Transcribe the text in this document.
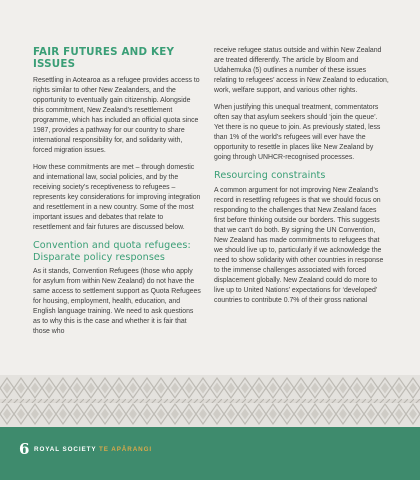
FAIR FUTURES AND KEY ISSUES

Resettling in Aotearoa as a refugee provides access to rights similar to other New Zealanders, and the opportunity to eventually gain citizenship. Alongside this commitment, New Zealand’s resettlement programme, which has included an official quota since 1987, provides a pathway for our country to share international responsibility for, and solidarity with, forced migration issues.

How these commitments are met – through domestic and international law, social policies, and by the receiving society’s receptiveness to refugees – represents key considerations for improving integration and resettlement in a new country. Some of the most important issues and debates that relate to resettlement and fair futures are discussed below.

Convention and quota refugees: Disparate policy responses

As it stands, Convention Refugees (those who apply for asylum from within New Zealand) do not have the same access to settlement support as Quota Refugees for housing, employment, health, education, and English language training. We need to ask questions as to why this is the case and whether it is fair that those who

receive refugee status outside and within New Zealand are treated differently. The article by Bloom and Udahemuka (5) outlines a number of these issues relating to refugees’ access in New Zealand to education, work, welfare support, and various other rights.

When justifying this unequal treatment, commentators often say that asylum seekers should ‘join the queue’. Yet there is no queue to join. As previously stated, less than 1% of the world’s refugees will ever have the opportunity to resettle in places like New Zealand by going through UNHCR-recognised processes.

Resourcing constraints

A common argument for not improving New Zealand’s record in resettling refugees is that we should focus on responding to the challenges that New Zealand faces first before thinking outside our borders. This suggests that we can’t do both. By signing the UN Convention, New Zealand has made commitments to refugees that we should live up to, particularly if we acknowledge the need to show solidarity with other countries in response to the immense challenges associated with forced displacement globally. New Zealand could do more to live up to United Nations’ expectations for ‘developed’ countries to contribute 0.7% of their gross national

6 ROYAL SOCIETY TE APĀRANGI
